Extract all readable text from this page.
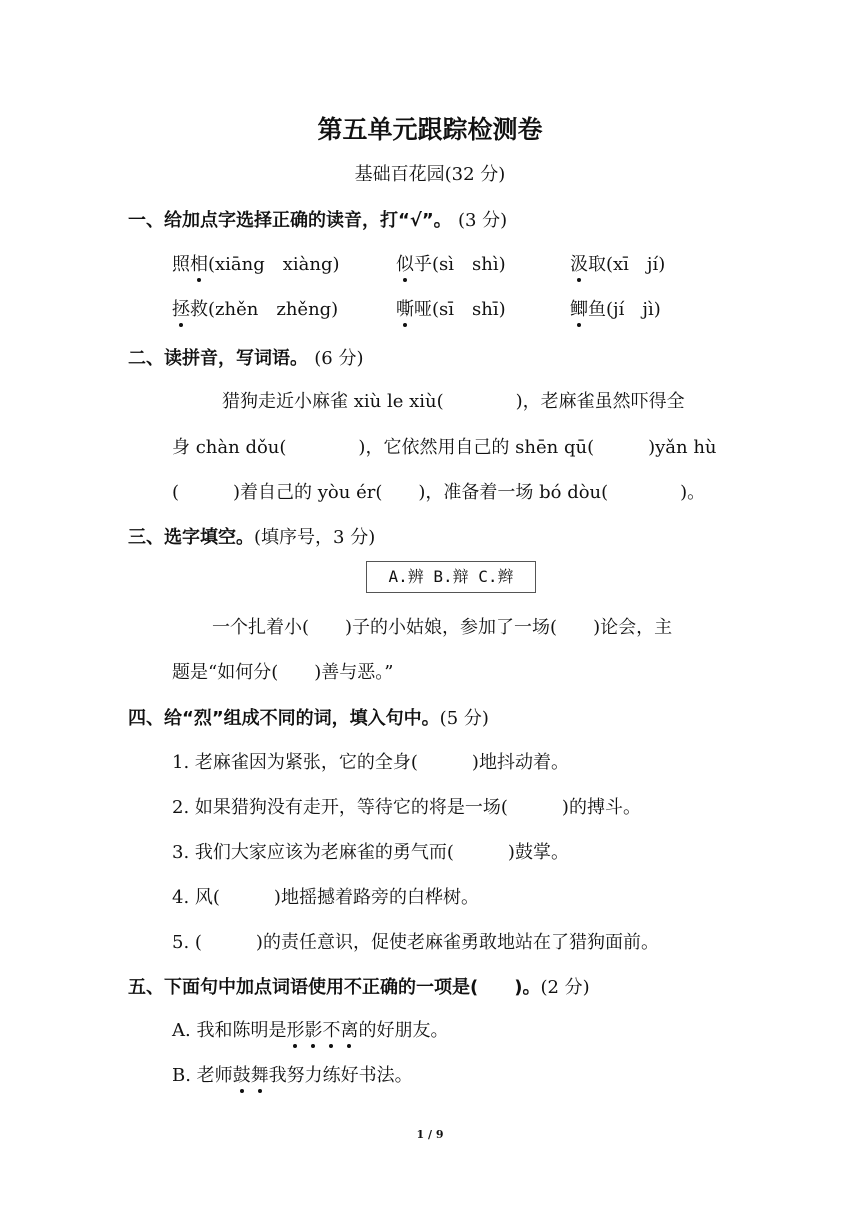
第五单元跟踪检测卷
基础百花园(32 分)
一、给加点字选择正确的读音，打“√”。 (3 分)
照相(xiāng　xiàng)	似乎(sì　shì)	汲取(xī　jí)
拯救(zhěn　zhěng)	嘶哑(sī　shī)	鲫鱼(jí　jì)
二、读拼音，写词语。 (6 分)
猎狗走近小麻雀 xiù le xiù(　　　　)，老麻雀虽然吓得全
身 chàn dǒu(　　　　)，它依然用自己的 shēn qū(　　　)yǎn hù
(　　　)着自己的 yòu ér(　　)，准备着一场 bó dòu(　　　　)。
三、选字填空。(填序号，3 分)
A.辨 B.辩 C.辫
一个扎着小(　　)子的小姑娘，参加了一场(　　)论会，主
题是“如何分(　　)善与恶。”
四、给“烈”组成不同的词，填入句中。(5 分)
1. 老麻雀因为紧张，它的全身(　　　)地抖动着。
2. 如果猎狗没有走开，等待它的将是一场(　　　)的搏斗。
3. 我们大家应该为老麻雀的勇气而(　　　)鼓掌。
4. 风(　　　)地摇撼着路旁的白桦树。
5. (　　　)的责任意识，促使老麻雀勇敢地站在了猎狗面前。
五、下面句中加点词语使用不正确的一项是(　　)。(2 分)
A. 我和陈明是形影不离的好朋友。
B. 老师鼓舞我努力练好书法。
1 / 9
